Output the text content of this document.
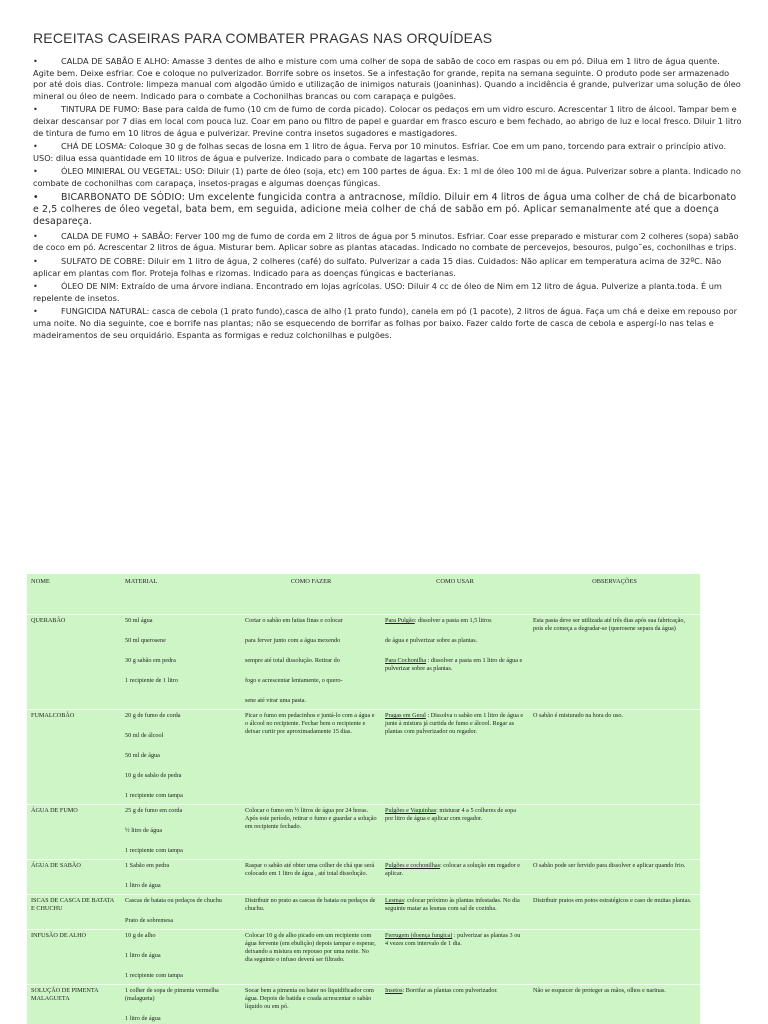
RECEITAS CASEIRAS PARA COMBATER PRAGAS NAS ORQUÍDEAS

•	CALDA DE SABÃO E ALHO: Amasse 3 dentes de alho e misture com uma colher de sopa de sabão de coco em raspas ou em pó. Dilua em 1 litro de água quente. Agite bem. Deixe esfriar. Coe e coloque no pulverizador. Borrife sobre os insetos. Se a infestação for grande, repita na semana seguinte. O produto pode ser armazenado por até dois dias. Controle: limpeza manual com algodão úmido e utilização de inimigos naturais (joaninhas). Quando a incidência é grande, pulverizar uma solução de óleo mineral ou óleo de neem. Indicado para o combate a Cochonilhas brancas ou com carapaça e pulgões.

•	TINTURA DE FUMO: Base para calda de fumo (10 cm de fumo de corda picado). Colocar os pedaços em um vidro escuro. Acrescentar 1 litro de álcool. Tampar bem e deixar descansar por 7 dias em local com pouca luz. Coar em pano ou filtro de papel e guardar em frasco escuro e bem fechado, ao abrigo de luz e local fresco. Diluir 1 litro de tintura de fumo em 10 litros de água e pulverizar. Previne contra insetos sugadores e mastigadores.

•	CHÁ DE LOSMA: Coloque 30 g de folhas secas de losna em 1 litro de água. Ferva por 10 minutos. Esfriar. Coe em um pano, torcendo para extrair o princípio ativo. USO: dilua essa quantidade em 10 litros de água e pulverize. Indicado para o combate de lagartas e lesmas.

•	ÓLEO MINIERAL OU VEGETAL: USO: Diluir (1) parte de óleo (soja, etc) em 100 partes de água. Ex: 1 ml de óleo 100 ml de água. Pulverizar sobre a planta. Indicado no combate de cochonilhas com carapaça, insetos-pragas e algumas doenças fúngicas.

• BICARBONATO DE SÓDIO: Um excelente fungicida contra a antracnose, míldio. Diluir em 4 litros de água uma colher de chá de bicarbonato e 2,5 colheres de óleo vegetal, bata bem, em seguida, adicione meia colher de chá de sabão em pó. Aplicar semanalmente até que a doença desapareça.

•	CALDA DE FUMO + SABÃO: Ferver 100 mg de fumo de corda em 2 litros de água por 5 minutos. Esfriar. Coar esse preparado e misturar com 2 colheres (sopa) sabão de coco em pó. Acrescentar 2 litros de água. Misturar bem. Aplicar sobre as plantas atacadas. Indicado no combate de percevejos, besouros, pulgo˜es, cochonilhas e trips.

•	SULFATO DE COBRE: Diluir em 1 litro de água, 2 colheres (café) do sulfato. Pulverizar a cada 15 dias. Cuidados: Não aplicar em temperatura acima de 32ºC. Não aplicar em plantas com flor. Proteja folhas e rizomas. Indicado para as doenças fúngicas e bacterianas.

•	ÓLEO DE NIM: Extraído de uma árvore indiana. Encontrado em lojas agrícolas. USO: Diluir 4 cc de óleo de Nim em 12 litro de água. Pulverize a planta.toda. É um repelente de insetos.

•	FUNGICIDA NATURAL: casca de cebola (1 prato fundo),casca de alho (1 prato fundo), canela em pó (1 pacote), 2 litros de água. Faça um chá e deixe em repouso por uma noite. No dia seguinte, coe e borrife nas plantas; não se esquecendo de borrifar as folhas por baixo. Fazer caldo forte de casca de cebola e aspergí-lo nas telas e madeiramentos de seu orquidário. Espanta as formigas e reduz colchonilhas e pulgões.

NOME	MATERIAL	COMO FAZER	COMO USAR	OBSERVAÇÕES

QUERABÃO	50 ml água
50 ml querosene
30 g sabão em pedra
1 recipiente de 1 litro	Cortar o sabão em fatias finas e colocar
para ferver junto com a água mexendo
sempre até total dissolução. Retirar do
fogo e acrescentar lentamente, o quero-
sene até virar uma pasta.	Para Pulgão: dissolver a pasta em 1,5 litros
de água e pulverizar sobre as plantas.
Para Cochonilha : dissolver a pasta em 1 litro de água e pulverizar sobre as plantas.	Esta pasta deve ser utilizada até três dias após sua fabricação, pois ele começa a degradar-se (querosene separa da água)

FUMALCOBÃO	20 g de fumo de corda
50 ml de álcool
50 ml de água
10 g de sabão de pedra
1 recipiente com tampa	Picar o fumo em pedacinhos e juntá-lo com a água e o álcool no recipiente. Fechar bem o recipiente e deixar curtir por aproximadamente 15 dias.	Pragas em Geral : Dissolva o sabão em 1 litro de água e junte à mistura já curtida de fumo e álcool. Regar as plantas com pulverizador ou regador.	O sabão é misturado na hora do uso.

ÁGUA DE FUMO	25 g de fumo em corda
½ litro de água
1 recipiente com tampa	Colocar o fumo em ½ litros de água por 24 horas. Após este período, retirar o fumo e guardar a solução em recipiente fechado.	Pulgões e Vaquinhas: misturar 4 a 5 colheres de sopa por litro de água e aplicar com regador.	

ÁGUA DE SABÃO	1 Sabão em pedra
1 litro de água	Raspar o sabão até obter uma colher de chá que será colocado em 1 litro de água , até total dissolução.	Pulgões e cochonilhas: colocar a solução em regador e aplicar.	O sabão pode ser fervido para dissolver e aplicar quando frio.

ISCAS DE CASCA DE BATATA E CHUCHU	Cascas de batata ou pedaços de chuchu
Prato de sobremesa	Distribuir no prato as cascas de batata ou pedaços de chuchu.	Lesmas: colocar próximo às plantas infestadas. No dia seguinte matar as lesmas com sal de cozinha.	Distribuir pratos em potos estratégicos e caso de muitas plantas.

INFUSÃO DE ALHO	10 g de alho
1 litro de água
1 recipiente com tampa	Colocar 10 g de alho picado em um recipiente com água fervente (em ebulição) depois tampar e esperar, deixando a mistura em repouso por uma noite. No dia seguinte o infuso deverá ser filtrado.	Ferrugem (doença fungica) : pulverizar as plantas 3 ou 4 vezes com intervalo de 1 dia.	

SOLUÇÃO DE PIMENTA MALAGUETA	1 colher de sopa de pimenta vermelha (malagueta)
1 litro de água	Socar bem a pimenta ou bater no liquidificador com água. Depois de batida e coada acrescentar o sabão líquido ou em pó.	Insetos: Borrifar as plantas com pulverizador.	Não se esquecer de proteger as mãos, olhos e narinas.
